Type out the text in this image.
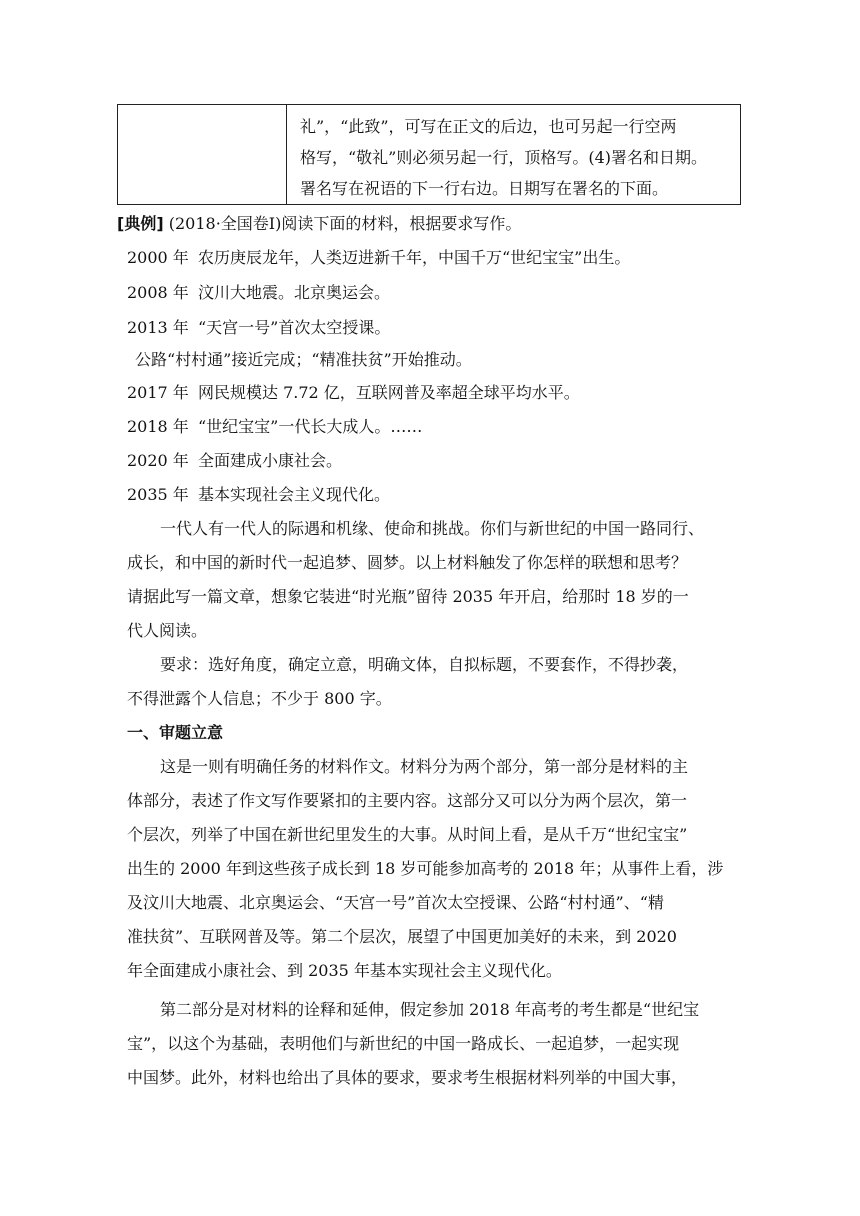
礼”，“此致”，可写在正文的后边，也可另起一行空两
格写，“敬礼”则必须另起一行，顶格写。(4)署名和日期。
署名写在祝语的下一行右边。日期写在署名的下面。
[典例] (2018·全国卷Ⅰ)阅读下面的材料，根据要求写作。
2000 年 农历庚辰龙年，人类迈进新千年，中国千万“世纪宝宝”出生。
2008 年 汶川大地震。北京奥运会。
2013 年 “天宫一号”首次太空授课。
公路“村村通”接近完成；“精准扶贫”开始推动。
2017 年 网民规模达 7.72 亿，互联网普及率超全球平均水平。
2018 年 “世纪宝宝”一代长大成人。……
2020 年 全面建成小康社会。
2035 年 基本实现社会主义现代化。
一代人有一代人的际遇和机缘、使命和挑战。你们与新世纪的中国一路同行、
成长，和中国的新时代一起追梦、圆梦。以上材料触发了你怎样的联想和思考？
请据此写一篇文章，想象它装进“时光瓶”留待 2035 年开启，给那时 18 岁的一
代人阅读。
要求：选好角度，确定立意，明确文体，自拟标题，不要套作，不得抄袭，
不得泄露个人信息；不少于 800 字。
一、审题立意
这是一则有明确任务的材料作文。材料分为两个部分，第一部分是材料的主
体部分，表述了作文写作要紧扣的主要内容。这部分又可以分为两个层次，第一
个层次，列举了中国在新世纪里发生的大事。从时间上看，是从千万“世纪宝宝”
出生的 2000 年到这些孩子成长到 18 岁可能参加高考的 2018 年；从事件上看，涉
及汶川大地震、北京奥运会、“天宫一号”首次太空授课、公路“村村通”、“精
准扶贫”、互联网普及等。第二个层次，展望了中国更加美好的未来，到 2020
年全面建成小康社会、到 2035 年基本实现社会主义现代化。
第二部分是对材料的诠释和延伸，假定参加 2018 年高考的考生都是“世纪宝
宝”，以这个为基础，表明他们与新世纪的中国一路成长、一起追梦，一起实现
中国梦。此外，材料也给出了具体的要求，要求考生根据材料列举的中国大事，
